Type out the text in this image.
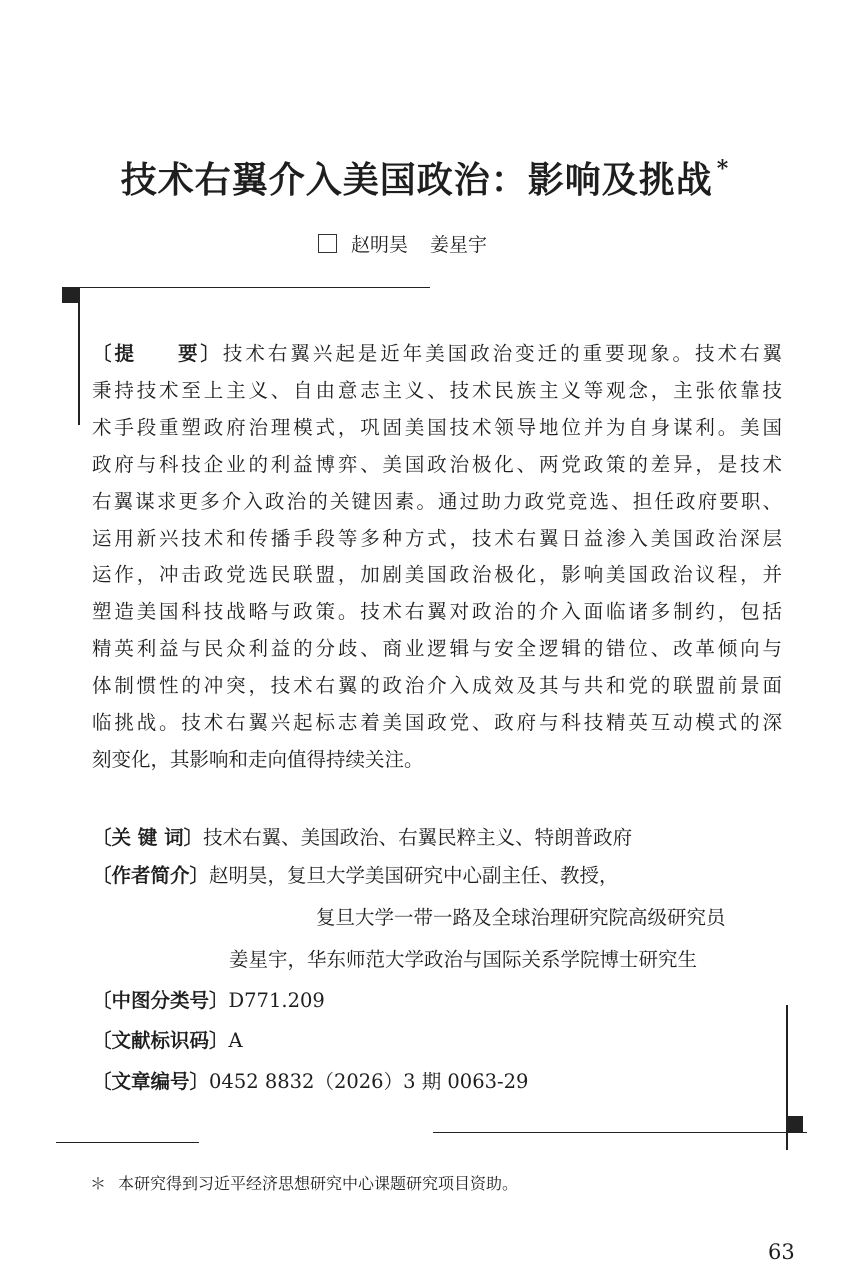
技术右翼介入美国政治：影响及挑战 *
赵明昊 姜星宇
〔提 要〕技术右翼兴起是近年美国政治变迁的重要现象。技术右翼
秉持技术至上主义、自由意志主义、技术民族主义等观念，主张依靠技
术手段重塑政府治理模式，巩固美国技术领导地位并为自身谋利。美国
政府与科技企业的利益博弈、美国政治极化、两党政策的差异，是技术
右翼谋求更多介入政治的关键因素。通过助力政党竞选、担任政府要职、
运用新兴技术和传播手段等多种方式，技术右翼日益渗入美国政治深层
运作，冲击政党选民联盟，加剧美国政治极化，影响美国政治议程，并
塑造美国科技战略与政策。技术右翼对政治的介入面临诸多制约，包括
精英利益与民众利益的分歧、商业逻辑与安全逻辑的错位、改革倾向与
体制惯性的冲突，技术右翼的政治介入成效及其与共和党的联盟前景面
临挑战。技术右翼兴起标志着美国政党、政府与科技精英互动模式的深
刻变化，其影响和走向值得持续关注。
〔关 键 词〕技术右翼、美国政治、右翼民粹主义、特朗普政府
〔作者简介〕赵明昊，复旦大学美国研究中心副主任、教授，
复旦大学一带一路及全球治理研究院高级研究员
姜星宇，华东师范大学政治与国际关系学院博士研究生
〔中图分类号〕D771.209
〔文献标识码〕A
〔文章编号〕0452 8832（2026）3 期 0063-29
＊ 本研究得到习近平经济思想研究中心课题研究项目资助。
63
